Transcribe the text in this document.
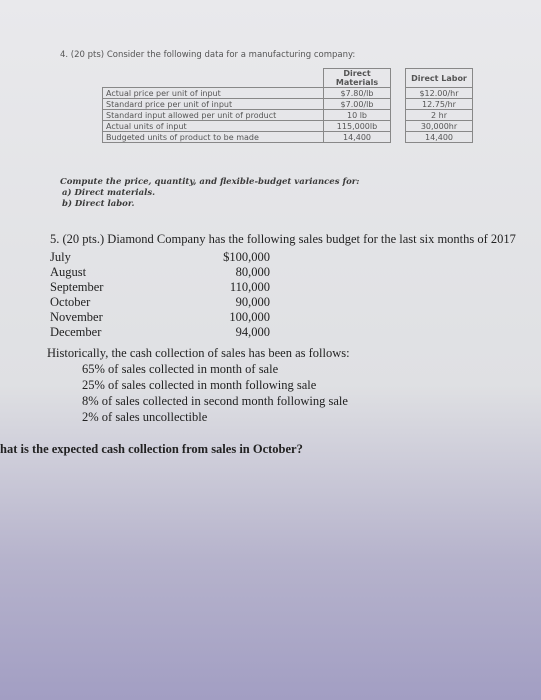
4. (20 pts) Consider the following data for a manufacturing company:
	Direct Materials		Direct Labor
Actual price per unit of input	$7.80/lb		$12.00/hr
Standard price per unit of input	$7.00/lb		12.75/hr
Standard input allowed per unit of product	10 lb		2 hr
Actual units of input	115,000lb		30,000hr
Budgeted units of product to be made	14,400		14,400
Compute the price, quantity, and flexible-budget variances for:
a) Direct materials.
b) Direct labor.
5. (20 pts.) Diamond Company has the following sales budget for the last six months of 2017
July	$100,000
August	80,000
September	110,000
October	90,000
November	100,000
December	94,000
Historically, the cash collection of sales has been as follows:
65% of sales collected in month of sale
25% of sales collected in month following sale
8% of sales collected in second month following sale
2% of sales uncollectible
hat is the expected cash collection from sales in October?
